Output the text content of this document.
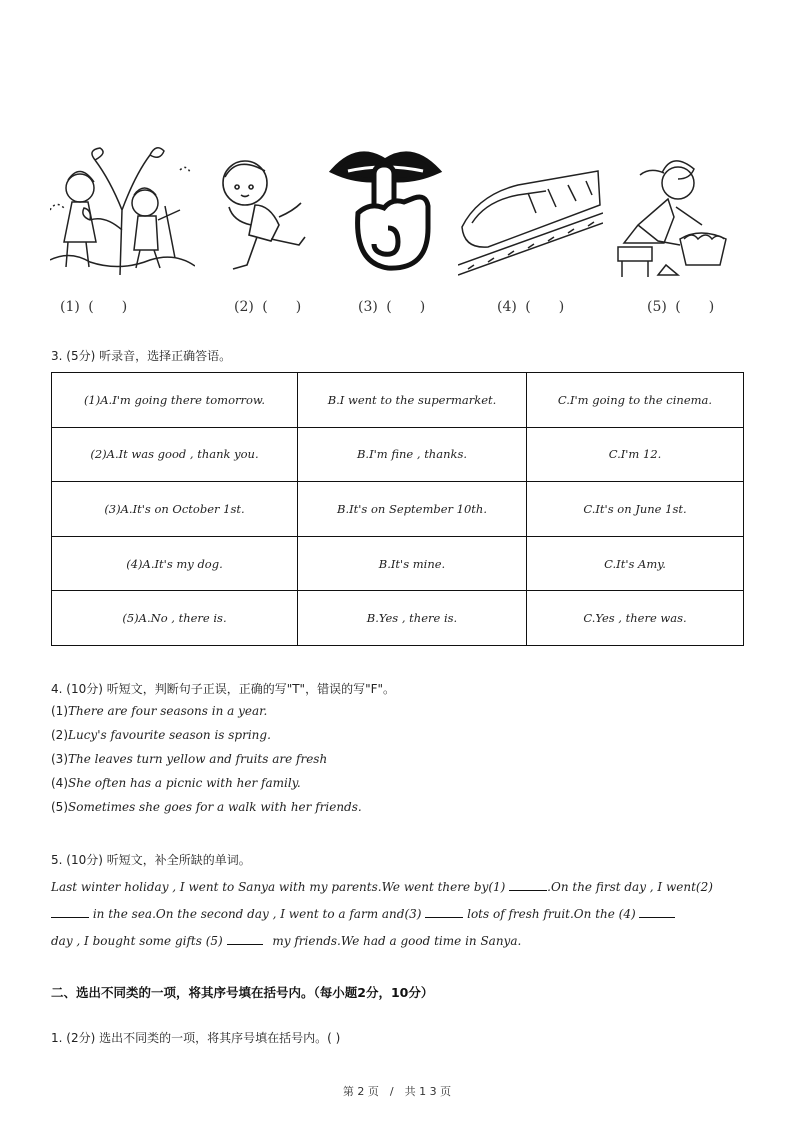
(1) (　　)	(2) (　　)	(3) (　　)	(4) (　　)	(5) (　　)
3. (5分) 听录音，选择正确答语。
(1)A.I'm going there tomorrow.	B.I went to the supermarket.	C.I'm going to the cinema.
(2)A.It was good , thank you.	B.I'm fine , thanks.	C.I'm 12.
(3)A.It's on October 1st.	B.It's on September 10th.	C.It's on June 1st.
(4)A.It's my dog.	B.It's mine.	C.It's Amy.
(5)A.No , there is.	B.Yes , there is.	C.Yes , there was.
4. (10分) 听短文，判断句子正误，正确的写"T"，错误的写"F"。
(1)There are four seasons in a year.
(2)Lucy's favourite season is spring.
(3)The leaves turn yellow and fruits are fresh
(4)She often has a picnic with her family.
(5)Sometimes she goes for a walk with her friends.
5. (10分) 听短文，补全所缺的单词。
Last winter holiday , I went to Sanya with my parents.We went there by(1)	.On the first day , I went(2)
in the sea.On the second day , I went to a farm and(3)	lots of fresh fruit.On the (4)
day , I bought some gifts (5)	my friends.We had a good time in Sanya.
二、选出不同类的一项，将其序号填在括号内。（每小题2分，10分）
1. (2分) 选出不同类的一项，将其序号填在括号内。( )
第 2 页　/　共 1 3 页
